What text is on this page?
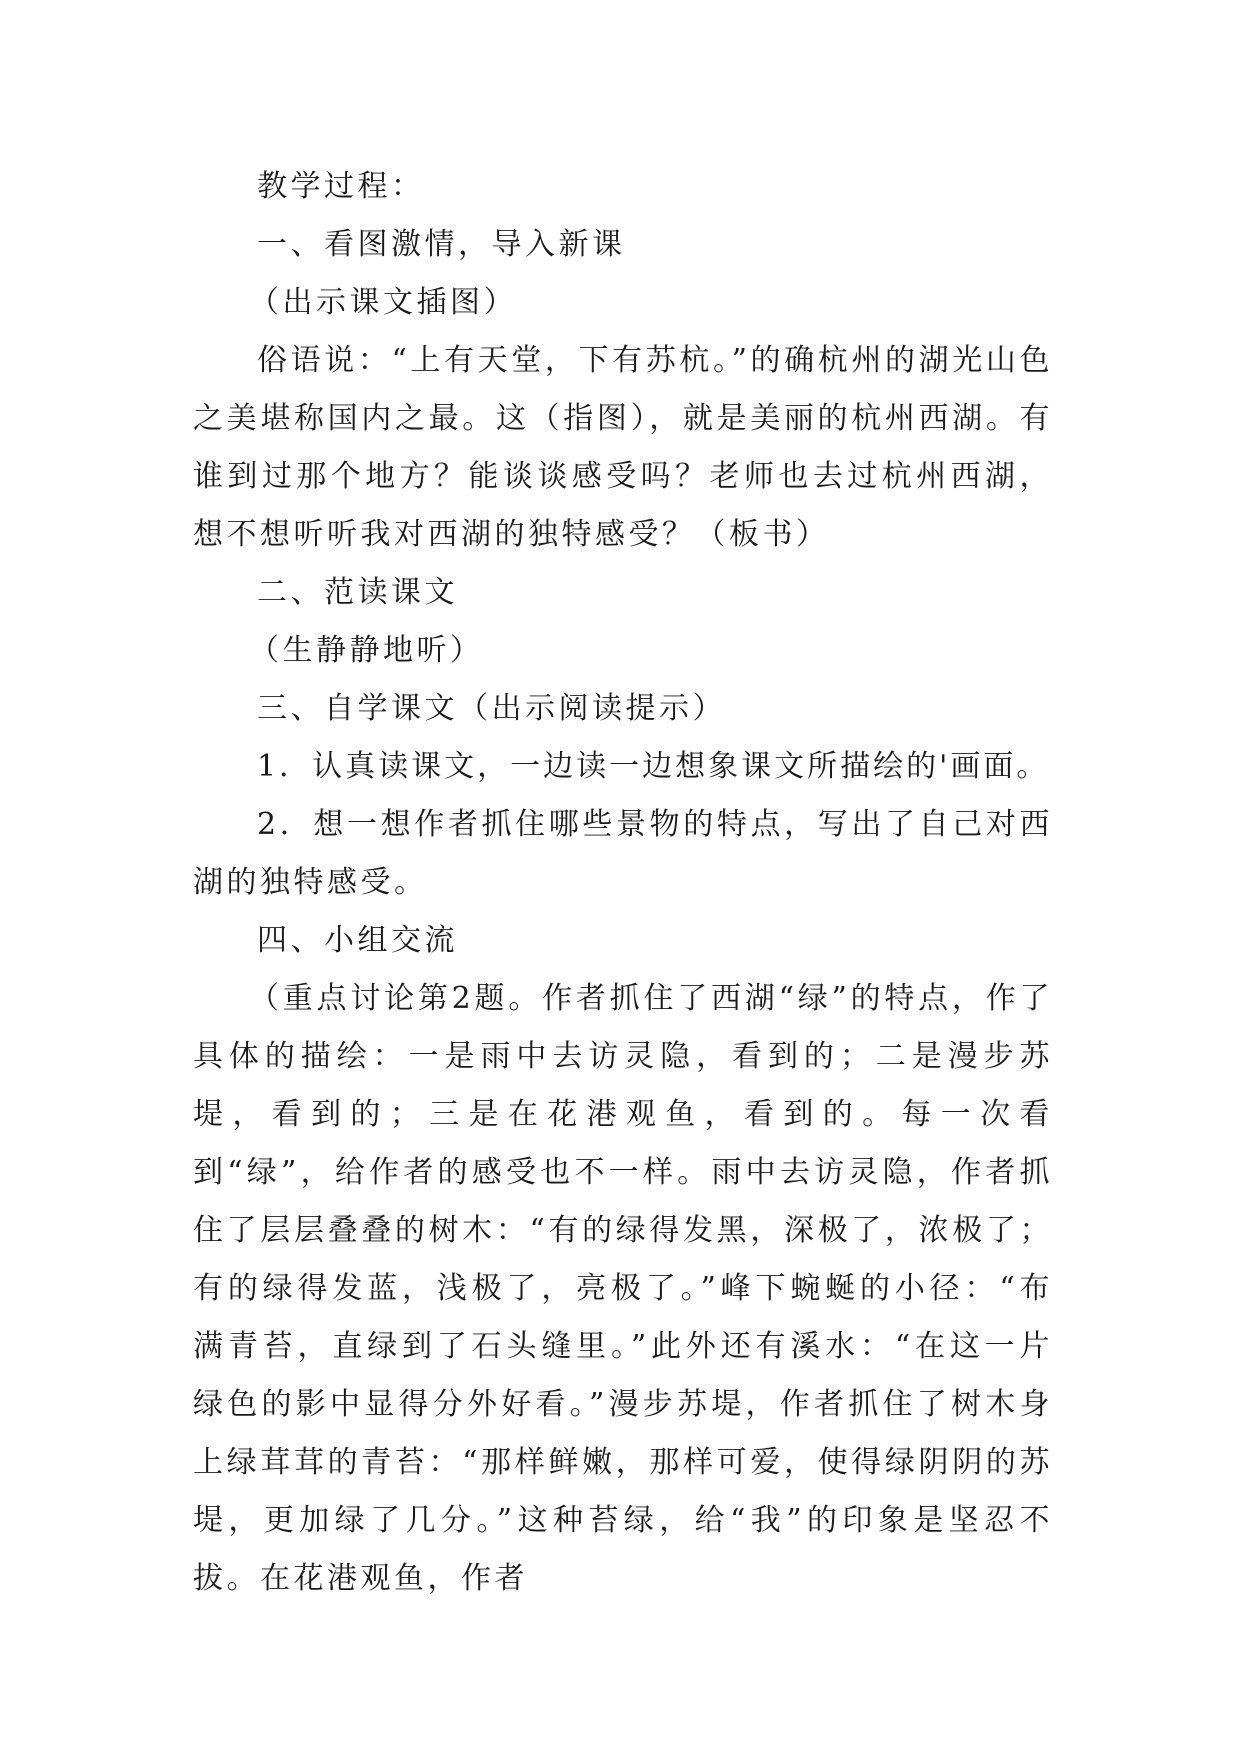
教学过程：

一、看图激情，导入新课

（出示课文插图）

俗语说：“上有天堂，下有苏杭。”的确杭州的湖光山色之美堪称国内之最。这（指图），就是美丽的杭州西湖。有谁到过那个地方？能谈谈感受吗？老师也去过杭州西湖，想不想听听我对西湖的独特感受？（板书）

二、范读课文

（生静静地听）

三、自学课文（出示阅读提示）

1．认真读课文，一边读一边想象课文所描绘的'画面。

2．想一想作者抓住哪些景物的特点，写出了自己对西湖的独特感受。

四、小组交流

（重点讨论第2题。作者抓住了西湖“绿”的特点，作了具体的描绘：一是雨中去访灵隐，看到的；二是漫步苏堤，看到的；三是在花港观鱼，看到的。每一次看到“绿”，给作者的感受也不一样。雨中去访灵隐，作者抓住了层层叠叠的树木：“有的绿得发黑，深极了，浓极了；有的绿得发蓝，浅极了，亮极了。”峰下蜿蜒的小径：“布满青苔，直绿到了石头缝里。”此外还有溪水：“在这一片绿色的影中显得分外好看。”漫步苏堤，作者抓住了树木身上绿茸茸的青苔：“那样鲜嫩，那样可爱，使得绿阴阴的苏堤，更加绿了几分。”这种苔绿，给“我”的印象是坚忍不拔。在花港观鱼，作者
